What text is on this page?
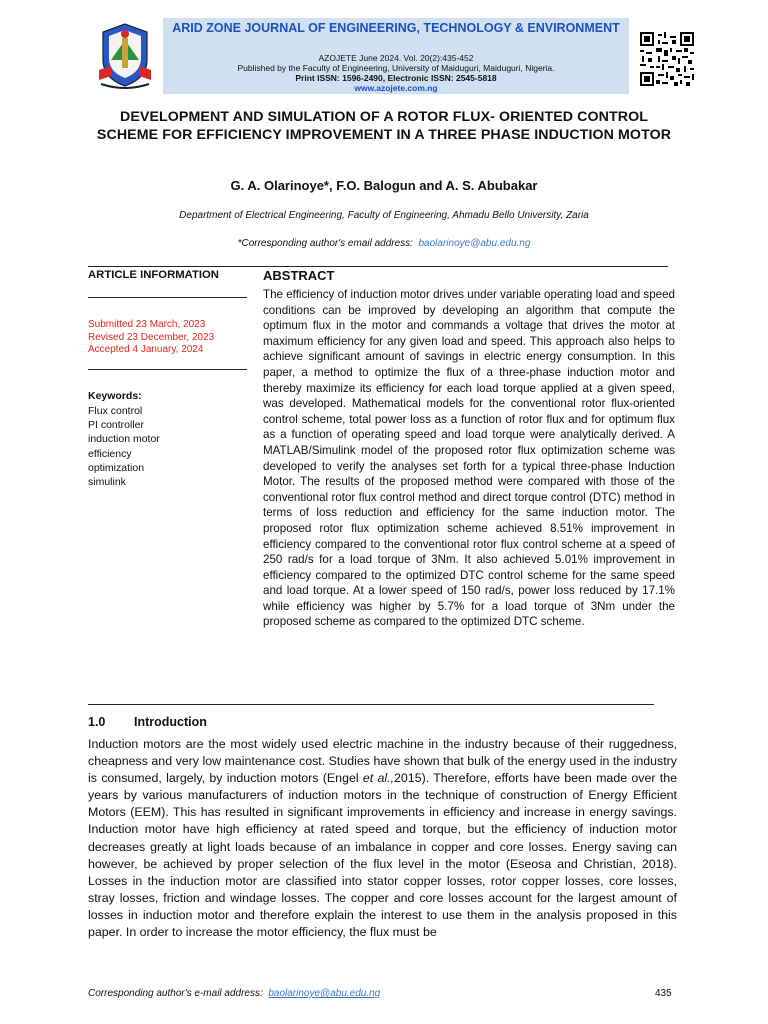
ARID ZONE JOURNAL OF ENGINEERING, TECHNOLOGY & ENVIRONMENT
AZOJETE June 2024. Vol. 20(2):435-452
Published by the Faculty of Engineering, University of Maiduguri, Maiduguri, Nigeria.
Print ISSN: 1596-2490, Electronic ISSN: 2545-5818
www.azojete.com.ng
DEVELOPMENT AND SIMULATION OF A ROTOR FLUX- ORIENTED CONTROL SCHEME FOR EFFICIENCY IMPROVEMENT IN A THREE PHASE INDUCTION MOTOR
G. A. Olarinoye*, F.O. Balogun and A. S. Abubakar
Department of Electrical Engineering, Faculty of Engineering, Ahmadu Bello University, Zaria
*Corresponding author's email address: baolarinoye@abu.edu.ng
ARTICLE INFORMATION
Submitted 23 March, 2023
Revised 23 December, 2023
Accepted 4 January, 2024
Keywords:
Flux control
PI controller
induction motor
efficiency
optimization
simulink
ABSTRACT

The efficiency of induction motor drives under variable operating load and speed conditions can be improved by developing an algorithm that compute the optimum flux in the motor and commands a voltage that drives the motor at maximum efficiency for any given load and speed. This approach also helps to achieve significant amount of savings in electric energy consumption. In this paper, a method to optimize the flux of a three-phase induction motor and thereby maximize its efficiency for each load torque applied at a given speed, was developed. Mathematical models for the conventional rotor flux-oriented control scheme, total power loss as a function of rotor flux and for optimum flux as a function of operating speed and load torque were analytically derived. A MATLAB/Simulink model of the proposed rotor flux optimization scheme was developed to verify the analyses set forth for a typical three-phase Induction Motor. The results of the proposed method were compared with those of the conventional rotor flux control method and direct torque control (DTC) method in terms of loss reduction and efficiency for the same induction motor. The proposed rotor flux optimization scheme achieved 8.51% improvement in efficiency compared to the conventional rotor flux control scheme at a speed of 250 rad/s for a load torque of 3Nm. It also achieved 5.01% improvement in efficiency compared to the optimized DTC control scheme for the same speed and load torque. At a lower speed of 150 rad/s, power loss reduced by 17.1% while efficiency was higher by 5.7% for a load torque of 3Nm under the proposed scheme as compared to the optimized DTC scheme.

1.0 Introduction

Induction motors are the most widely used electric machine in the industry because of their ruggedness, cheapness and very low maintenance cost. Studies have shown that bulk of the energy used in the industry is consumed, largely, by induction motors (Engel et al.,2015). Therefore, efforts have been made over the years by various manufacturers of induction motors in the technique of construction of Energy Efficient Motors (EEM). This has resulted in significant improvements in efficiency and increase in energy savings. Induction motor have high efficiency at rated speed and torque, but the efficiency of induction motor decreases greatly at light loads because of an imbalance in copper and core losses. Energy saving can however, be achieved by proper selection of the flux level in the motor (Eseosa and Christian, 2018). Losses in the induction motor are classified into stator copper losses, rotor copper losses, core losses, stray losses, friction and windage losses. The copper and core losses account for the largest amount of losses in induction motor and therefore explain the interest to use them in the analysis proposed in this paper. In order to increase the motor efficiency, the flux must be

Corresponding author's e-mail address: baolarinoye@abu.edu.ng	435
